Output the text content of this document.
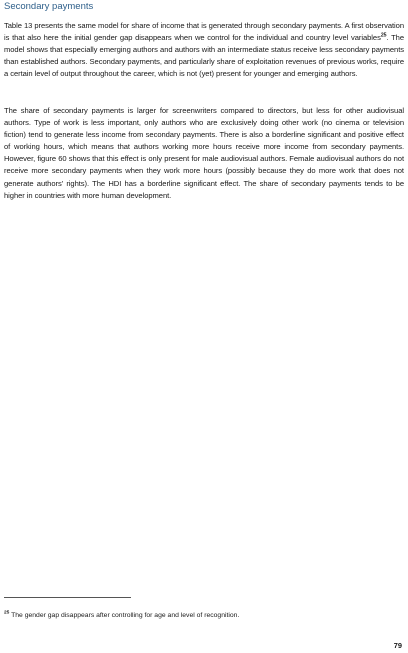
Secondary payments

Table 13 presents the same model for share of income that is generated through secondary payments. A first observation is that also here the initial gender gap disappears when we control for the individual and country level variables$^{25}$. The model shows that especially emerging authors and authors with an intermediate status receive less secondary payments than established authors. Secondary payments, and particularly share of exploitation revenues of previous works, require a certain level of output throughout the career, which is not (yet) present for younger and emerging authors.

The share of secondary payments is larger for screenwriters compared to directors, but less for other audiovisual authors. Type of work is less important, only authors who are exclusively doing other work (no cinema or television fiction) tend to generate less income from secondary payments. There is also a borderline significant and positive effect of working hours, which means that authors working more hours receive more income from secondary payments. However, figure 60 shows that this effect is only present for male audiovisual authors. Female audiovisual authors do not receive more secondary payments when they work more hours (possibly because they do more work that does not generate authors’ rights). The HDI has a borderline significant effect. The share of secondary payments tends to be higher in countries with more human development.

$^{25}$ The gender gap disappears after controlling for age and level of recognition.
79
